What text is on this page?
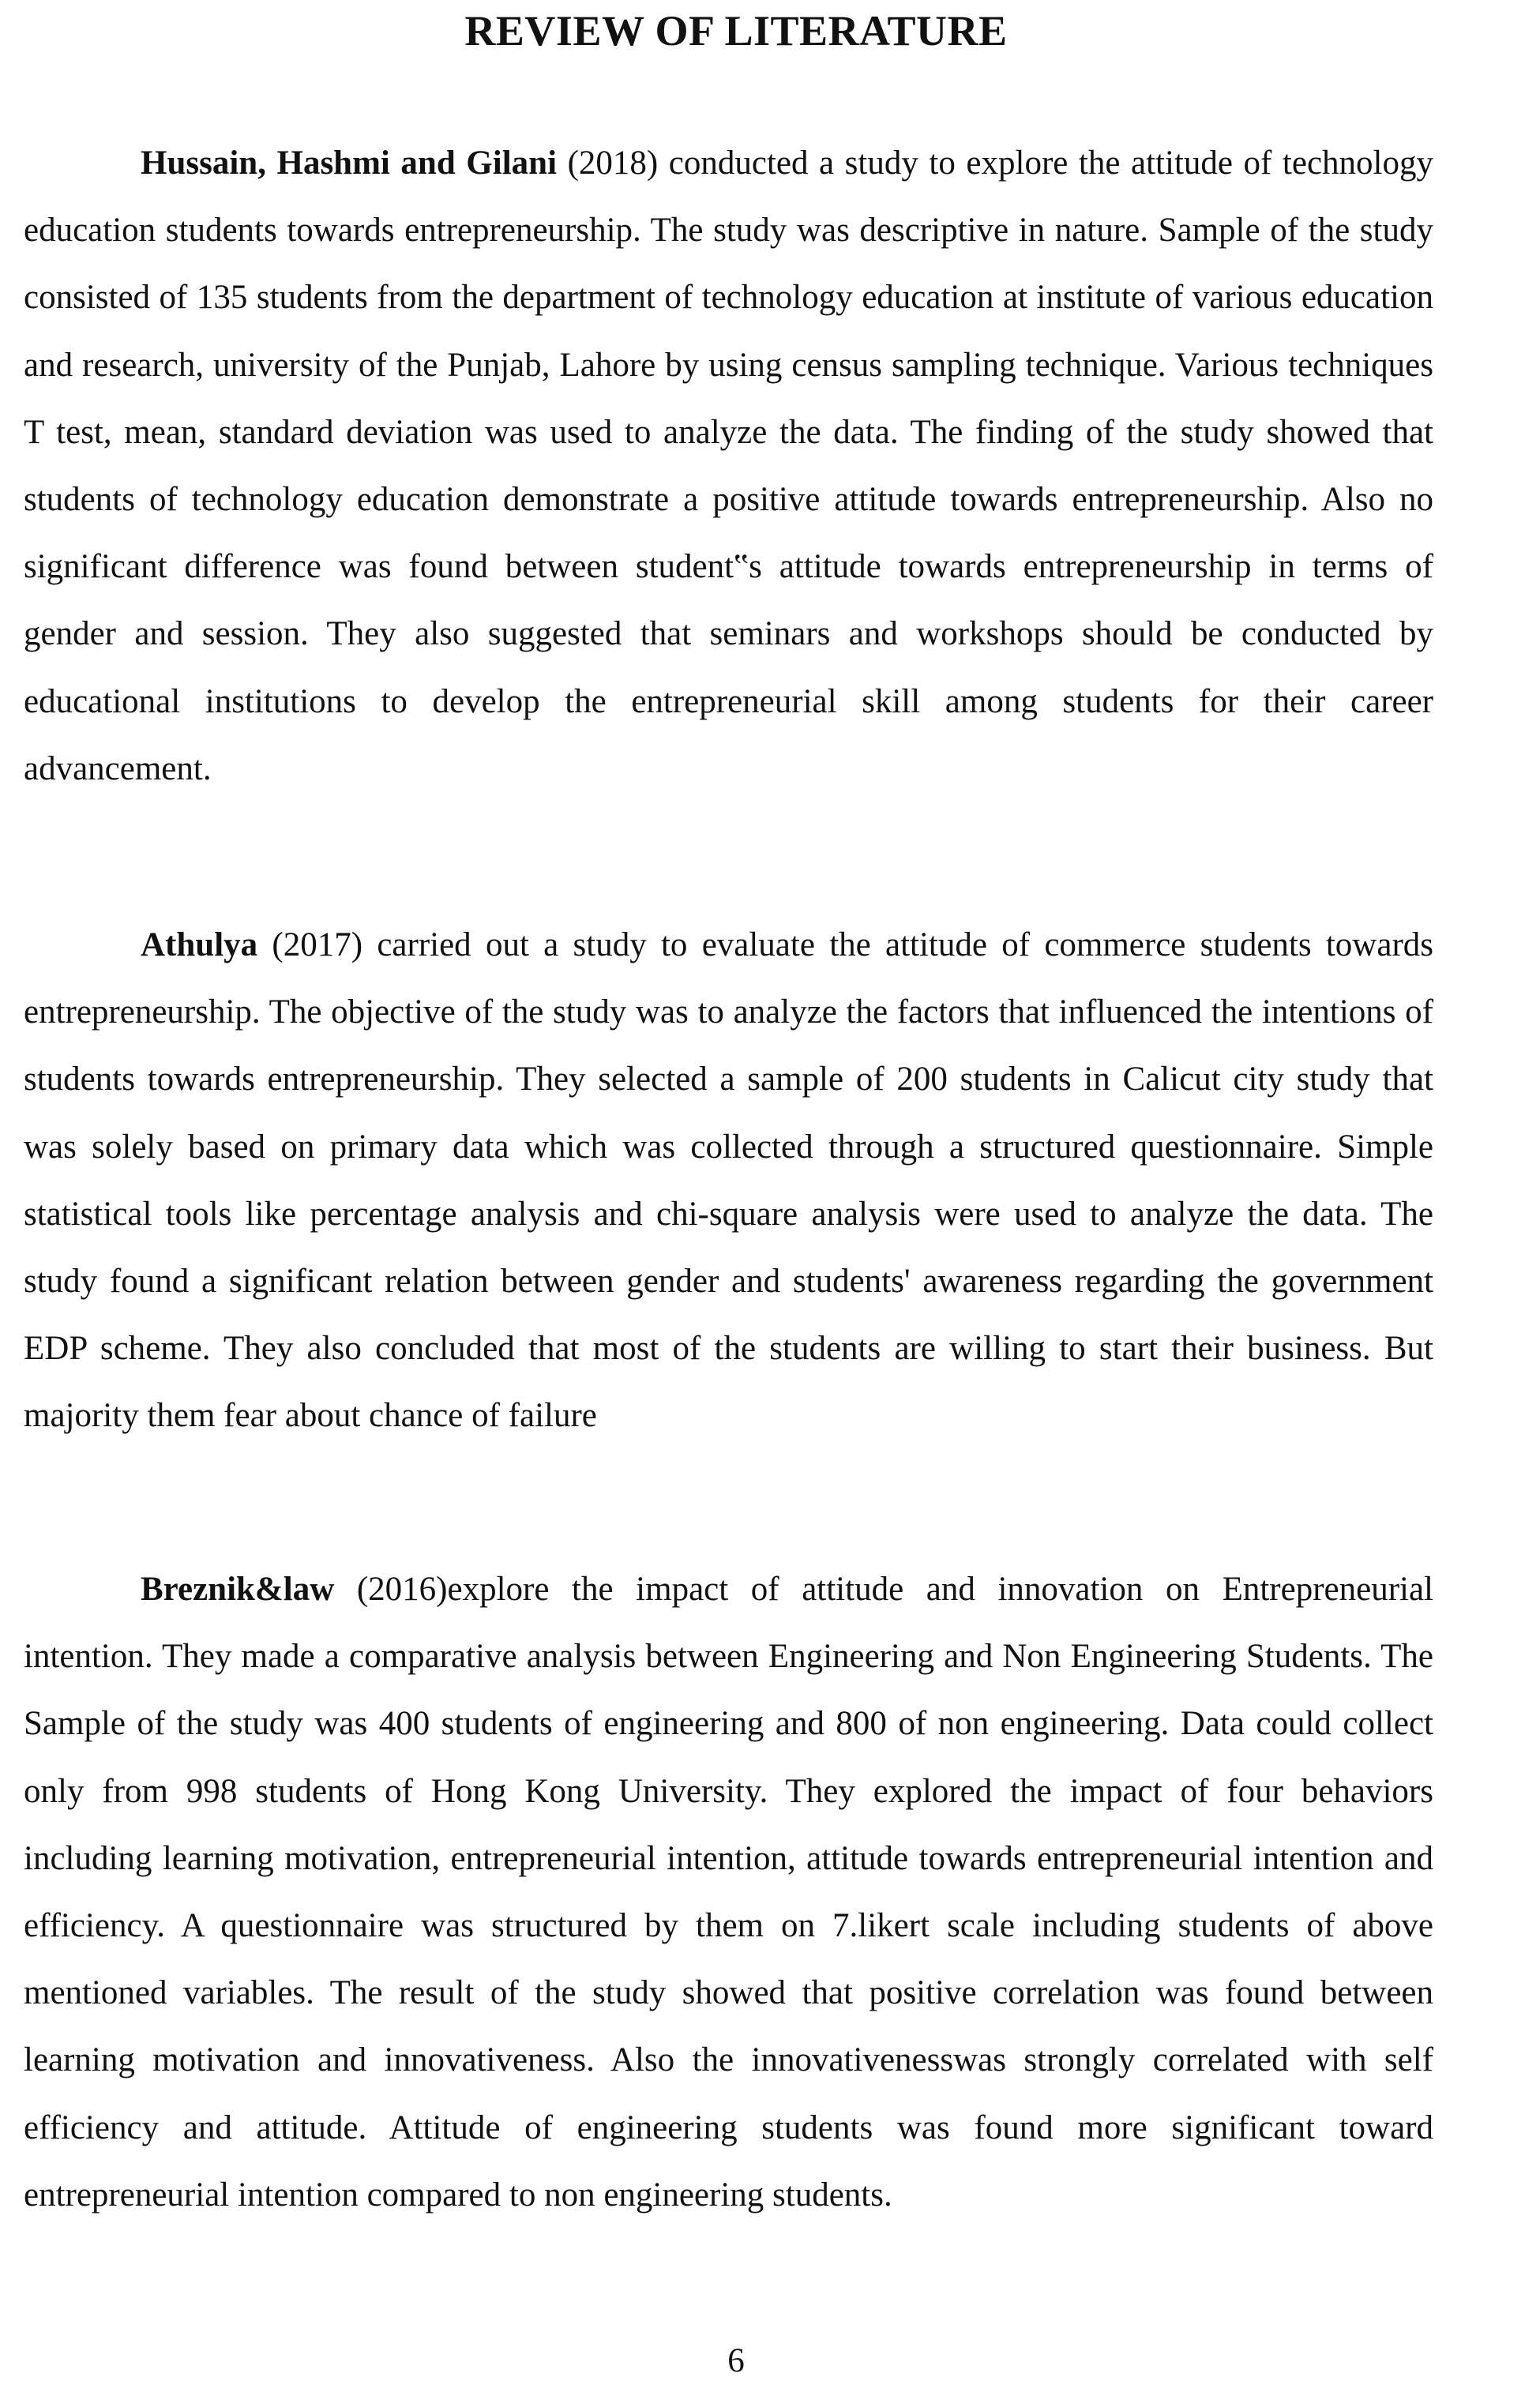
REVIEW OF LITERATURE

Hussain, Hashmi and Gilani (2018) conducted a study to explore the attitude of technology education students towards entrepreneurship. The study was descriptive in nature. Sample of the study consisted of 135 students from the department of technology education at institute of various education and research, university of the Punjab, Lahore by using census sampling technique. Various techniques T test, mean, standard deviation was used to analyze the data. The finding of the study showed that students of technology education demonstrate a positive attitude towards entrepreneurship. Also no significant difference was found between student‟s attitude towards entrepreneurship in terms of gender and session. They also suggested that seminars and workshops should be conducted by educational institutions to develop the entrepreneurial skill among students for their career advancement.

Athulya (2017) carried out a study to evaluate the attitude of commerce students towards entrepreneurship. The objective of the study was to analyze the factors that influenced the intentions of students towards entrepreneurship. They selected a sample of 200 students in Calicut city study that was solely based on primary data which was collected through a structured questionnaire. Simple statistical tools like percentage analysis and chi-square analysis were used to analyze the data. The study found a significant relation between gender and students' awareness regarding the government EDP scheme. They also concluded that most of the students are willing to start their business. But majority them fear about chance of failure

Breznik&law (2016)explore the impact of attitude and innovation on Entrepreneurial intention. They made a comparative analysis between Engineering and Non Engineering Students. The Sample of the study was 400 students of engineering and 800 of non engineering. Data could collect only from 998 students of Hong Kong University. They explored the impact of four behaviors including learning motivation, entrepreneurial intention, attitude towards entrepreneurial intention and efficiency. A questionnaire was structured by them on 7.likert scale including students of above mentioned variables. The result of the study showed that positive correlation was found between learning motivation and innovativeness. Also the innovativenesswas strongly correlated with self efficiency and attitude. Attitude of engineering students was found more significant toward entrepreneurial intention compared to non engineering students.

6
